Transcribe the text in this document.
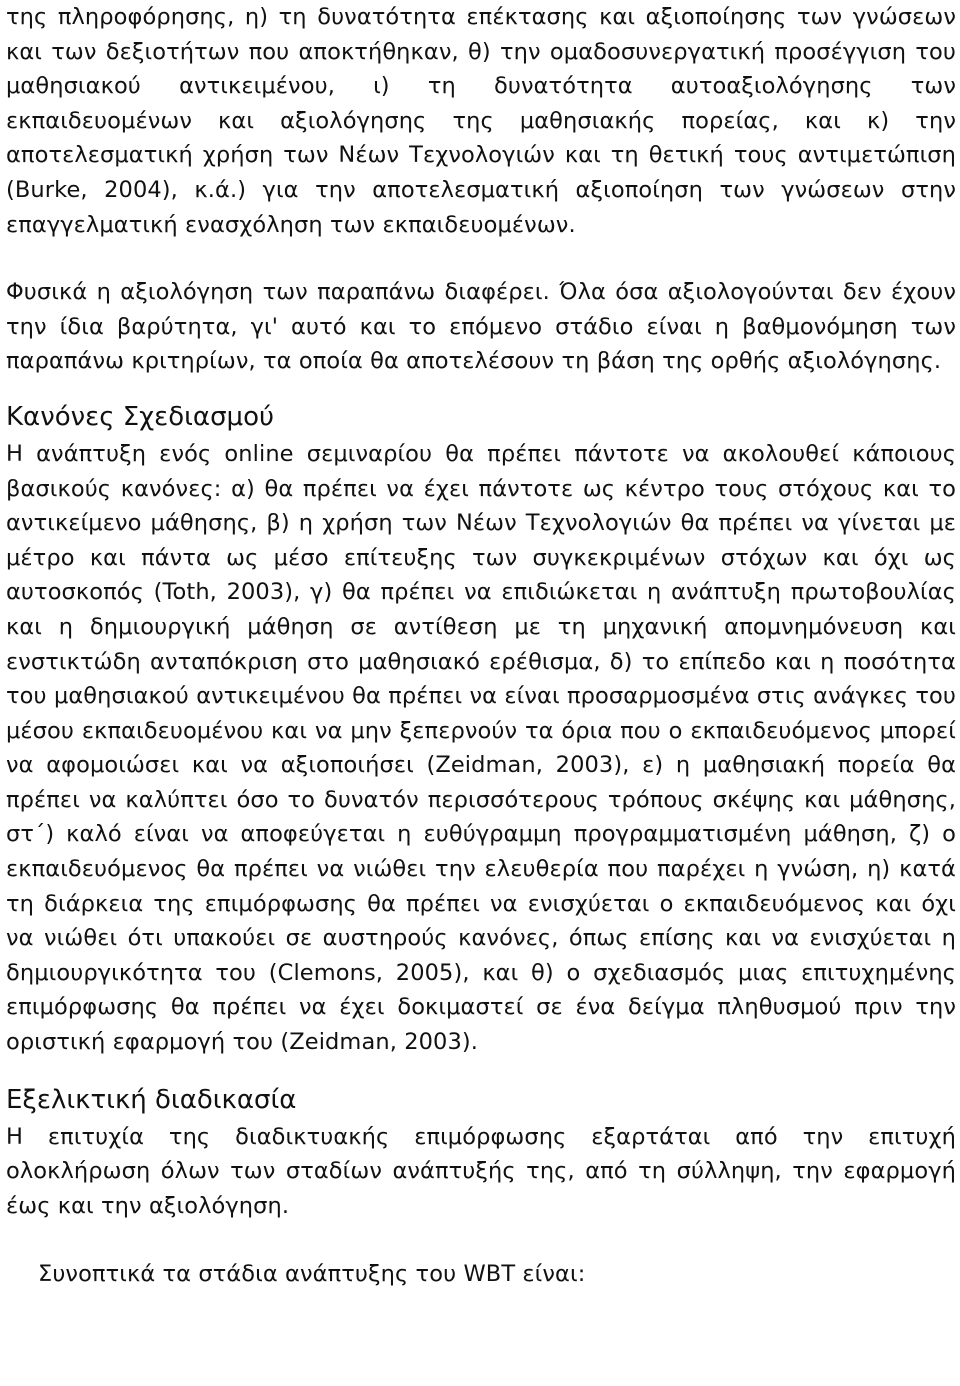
της πληροφόρησης, η) τη δυνατότητα επέκτασης και αξιοποίησης των γνώσεων και των δεξιοτήτων που αποκτήθηκαν, θ) την ομαδοσυνεργατική προσέγγιση του μαθησιακού αντικειμένου, ι) τη δυνατότητα αυτοαξιολόγησης των εκπαιδευομένων και αξιολόγησης της μαθησιακής πορείας, και κ) την αποτελεσματική χρήση των Νέων Τεχνολογιών και τη θετική τους αντιμετώπιση (Burke, 2004), κ.ά.) για την αποτελεσματική αξιοποίηση των γνώσεων στην επαγγελματική ενασχόληση των εκπαιδευομένων.

Φυσικά η αξιολόγηση των παραπάνω διαφέρει. Όλα όσα αξιολογούνται δεν έχουν την ίδια βαρύτητα, γι' αυτό και το επόμενο στάδιο είναι η βαθμονόμηση των παραπάνω κριτηρίων, τα οποία θα αποτελέσουν τη βάση της ορθής αξιολόγησης.

Κανόνες Σχεδιασμού

Η ανάπτυξη ενός online σεμιναρίου θα πρέπει πάντοτε να ακολουθεί κάποιους βασικούς κανόνες: α) θα πρέπει να έχει πάντοτε ως κέντρο τους στόχους και το αντικείμενο μάθησης, β) η χρήση των Νέων Τεχνολογιών θα πρέπει να γίνεται με μέτρο και πάντα ως μέσο επίτευξης των συγκεκριμένων στόχων και όχι ως αυτοσκοπός (Toth, 2003), γ) θα πρέπει να επιδιώκεται η ανάπτυξη πρωτοβουλίας και η δημιουργική μάθηση σε αντίθεση με τη μηχανική απομνημόνευση και ενστικτώδη ανταπόκριση στο μαθησιακό ερέθισμα, δ) το επίπεδο και η ποσότητα του μαθησιακού αντικειμένου θα πρέπει να είναι προσαρμοσμένα στις ανάγκες του μέσου εκπαιδευομένου και να μην ξεπερνούν τα όρια που ο εκπαιδευόμενος μπορεί να αφομοιώσει και να αξιοποιήσει (Zeidman, 2003), ε) η μαθησιακή πορεία θα πρέπει να καλύπτει όσο το δυνατόν περισσότερους τρόπους σκέψης και μάθησης, στ΄) καλό είναι να αποφεύγεται η ευθύγραμμη προγραμματισμένη μάθηση, ζ) ο εκπαιδευόμενος θα πρέπει να νιώθει την ελευθερία που παρέχει η γνώση, η) κατά τη διάρκεια της επιμόρφωσης θα πρέπει να ενισχύεται ο εκπαιδευόμενος και όχι να νιώθει ότι υπακούει σε αυστηρούς κανόνες, όπως επίσης και να ενισχύεται η δημιουργικότητα του (Clemons, 2005), και θ) ο σχεδιασμός μιας επιτυχημένης επιμόρφωσης θα πρέπει να έχει δοκιμαστεί σε ένα δείγμα πληθυσμού πριν την οριστική εφαρμογή του (Zeidman, 2003).

Εξελικτική διαδικασία

Η επιτυχία της διαδικτυακής επιμόρφωσης εξαρτάται από την επιτυχή ολοκλήρωση όλων των σταδίων ανάπτυξής της, από τη σύλληψη, την εφαρμογή έως και την αξιολόγηση.

Συνοπτικά τα στάδια ανάπτυξης του WBT είναι:
